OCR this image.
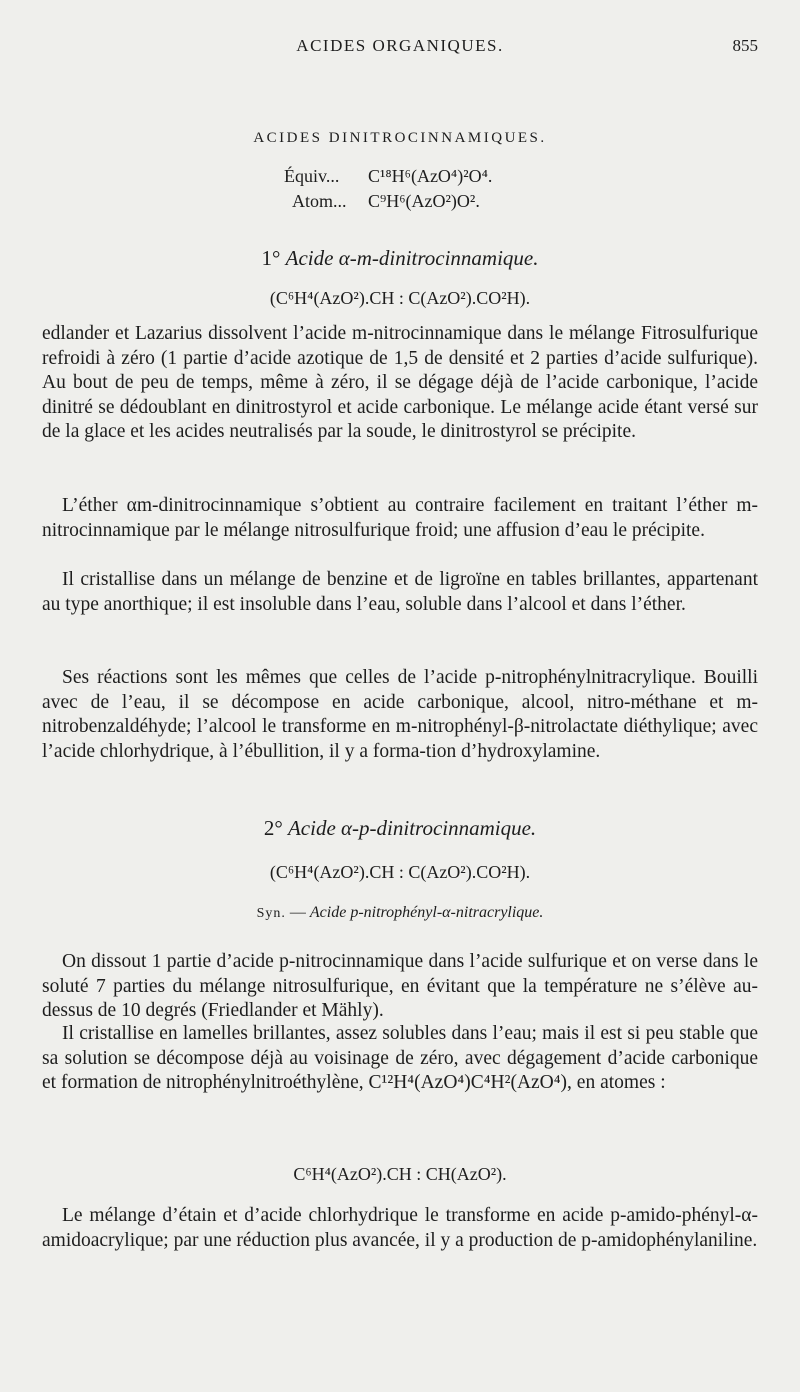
ACIDES ORGANIQUES.	855
ACIDES DINITROCINNAMIQUES.
Équiv... C¹⁸H⁶(AzO⁴)²O⁴.
Atom... C⁹H⁶(AzO²)O².
1° Acide α-m-dinitrocinnamique.
(C⁶H⁴(AzO²).CH : C(AzO²).CO²H).

edlander et Lazarius dissolvent l’acide m-nitrocinnamique dans le mélange Fitrosulfurique refroidi à zéro (1 partie d’acide azotique de 1,5 de densité et 2 parties d’acide sulfurique). Au bout de peu de temps, même à zéro, il se dégage déjà de l’acide carbonique, l’acide dinitré se dédoublant en dinitrostyrol et acide carbonique. Le mélange acide étant versé sur de la glace et les acides neutralisés par la soude, le dinitrostyrol se précipite.

L’éther αm-dinitrocinnamique s’obtient au contraire facilement en traitant l’éther m-nitrocinnamique par le mélange nitrosulfurique froid; une affusion d’eau le précipite.

Il cristallise dans un mélange de benzine et de ligroïne en tables brillantes, appartenant au type anorthique; il est insoluble dans l’eau, soluble dans l’alcool et dans l’éther.

Ses réactions sont les mêmes que celles de l’acide p-nitrophénylnitracrylique. Bouilli avec de l’eau, il se décompose en acide carbonique, alcool, nitro-méthane et m-nitrobenzaldéhyde; l’alcool le transforme en m-nitrophényl-β-nitrolactate diéthylique; avec l’acide chlorhydrique, à l’ébullition, il y a forma-tion d’hydroxylamine.

2° Acide α-p-dinitrocinnamique.
(C⁶H⁴(AzO²).CH : C(AzO²).CO²H).
Syn. — Acide p-nitrophényl-α-nitracrylique.

On dissout 1 partie d’acide p-nitrocinnamique dans l’acide sulfurique et on verse dans le soluté 7 parties du mélange nitrosulfurique, en évitant que la température ne s’élève au-dessus de 10 degrés (Friedlander et Mähly).

Il cristallise en lamelles brillantes, assez solubles dans l’eau; mais il est si peu stable que sa solution se décompose déjà au voisinage de zéro, avec dégagement d’acide carbonique et formation de nitrophénylnitroéthylène, C¹²H⁴(AzO⁴)C⁴H²(AzO⁴), en atomes :

C⁶H⁴(AzO²).CH : CH(AzO²).

Le mélange d’étain et d’acide chlorhydrique le transforme en acide p-amido-phényl-α-amidoacrylique; par une réduction plus avancée, il y a production de p-amidophénylaniline.
